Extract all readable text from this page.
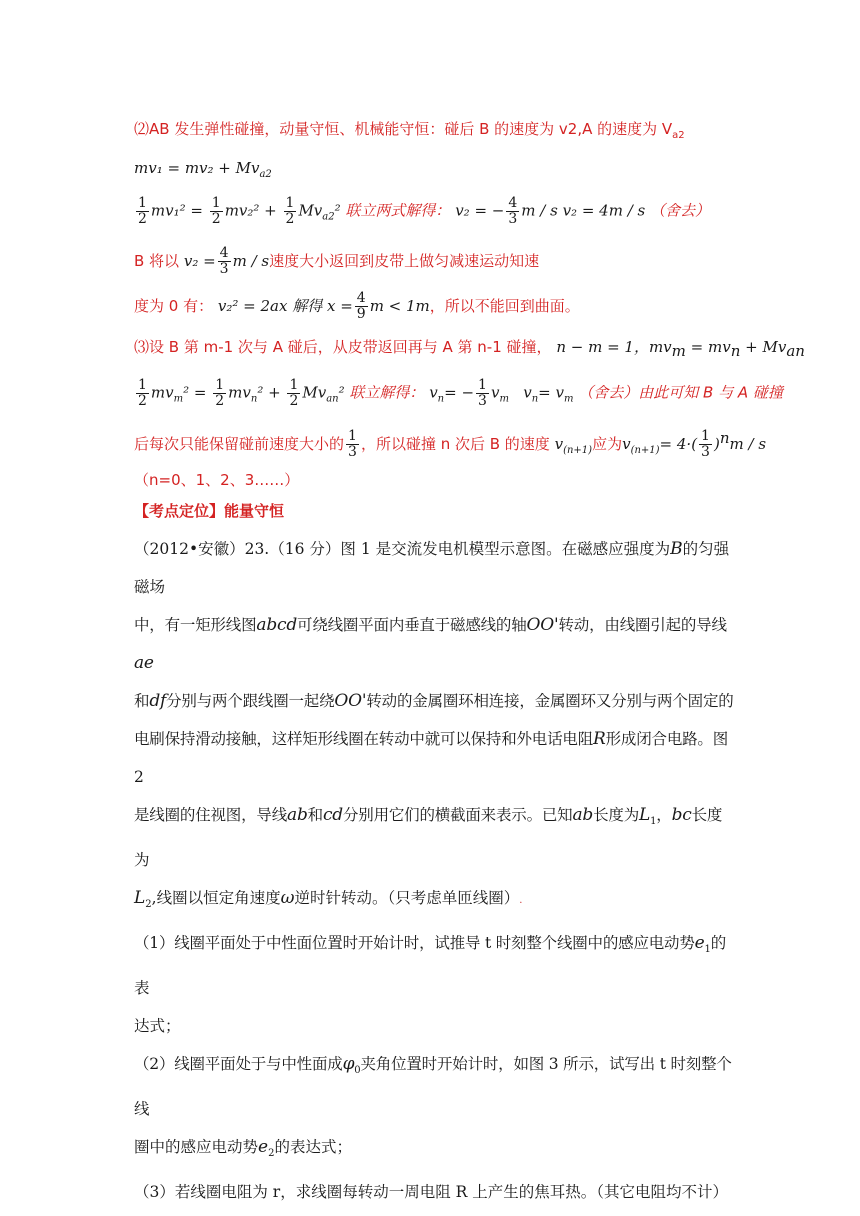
⑵AB 发生弹性碰撞，动量守恒、机械能守恒：碰后 B 的速度为 v2,A 的速度为 $V_{a2}$
$mv_1 = mv_2 + Mv_{a2}$
$\frac{1}{2} mv_1^2 = \frac{1}{2} mv_2^2 + \frac{1}{2} Mv_{a2}^2$ 联立两式解得： v₂ = − $\frac{4}{3}$ m / s v₂ = 4m / s （舍去）
B 将以 $v_2 = \frac{4}{3}$ m / s速度大小返回到皮带上做匀减速运动知速
度为 0 有： v₂² = 2ax 解得 $x = \frac{4}{9}$ m < 1m，所以不能回到曲面。
⑶设 B 第 m-1 次与 A 碰后，从皮带返回再与 A 第 n-1 碰撞， n − m = 1，$mv_m = mv_n + Mv_{an}$
$\frac{1}{2} mv_m^2 = \frac{1}{2} mv_n^2 + \frac{1}{2} Mv_{an}^2$ 联立解得： $v_n= - \frac{1}{3} v_m$ $v_n= v_m$ （舍去）由此可知 B 与 A 碰撞
后每次只能保留碰前速度大小的 $\frac{1}{3}$ ，所以碰撞 n 次后 B 的速度 $v_{(n+1)}$应为$v_{(n+1)}= 4\cdot( \frac{1}{3} )^nm / s$
（n=0、1、2、3……）
【考点定位】能量守恒
（2012•安徽）23.（16 分）图 1 是交流发电机模型示意图。在磁感应强度为B的匀强磁场
中，有一矩形线图abcd可绕线圈平面内垂直于磁感线的轴OO'转动，由线圈引起的导线ae
和df分别与两个跟线圈一起绕OO'转动的金属圈环相连接，金属圈环又分别与两个固定的
电刷保持滑动接触，这样矩形线圈在转动中就可以保持和外电话电阻R形成闭合电路。图 2
是线圈的住视图，导线ab和cd分别用它们的横截面来表示。已知ab长度为$L_1$，bc长度为
$L_2$,线圈以恒定角速度ω逆时针转动。（只考虑单匝线圈）.
（1）线圈平面处于中性面位置时开始计时，试推导 t 时刻整个线圈中的感应电动势$e_1$的表
达式；
（2）线圈平面处于与中性面成$\varphi_0$夹角位置时开始计时，如图 3 所示，试写出 t 时刻整个线
圈中的感应电动势$e_2$的表达式；
（3）若线圈电阻为 r，求线圈每转动一周电阻 R 上产生的焦耳热。（其它电阻均不计）
